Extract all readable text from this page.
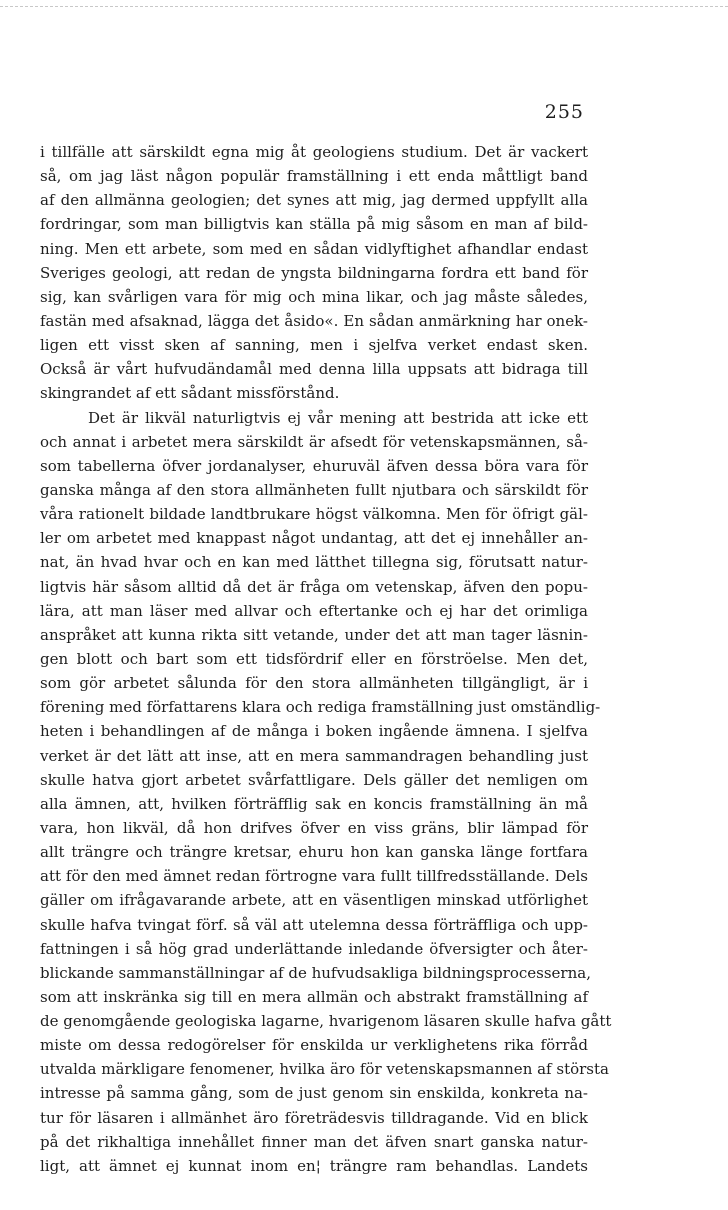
255
i tillfälle att särskildt egna mig åt geologiens studium. Det är vackert
så, om jag läst någon populär framställning i ett enda måttligt band
af den allmänna geologien; det synes att mig, jag dermed uppfyllt alla
fordringar, som man billigtvis kan ställa på mig såsom en man af bild-
ning. Men ett arbete, som med en sådan vidlyftighet afhandlar endast
Sveriges geologi, att redan de yngsta bildningarna fordra ett band för
sig, kan svårligen vara för mig och mina likar, och jag måste således,
fastän med afsaknad, lägga det åsido«. En sådan anmärkning har onek-
ligen ett visst sken af sanning, men i sjelfva verket endast sken.
Också är vårt hufvudändamål med denna lilla uppsats att bidraga till
skingrandet af ett sådant missförstånd.
Det är likväl naturligtvis ej vår mening att bestrida att icke ett
och annat i arbetet mera särskildt är afsedt för vetenskapsmännen, så-
som tabellerna öfver jordanalyser, ehuruväl äfven dessa böra vara för
ganska många af den stora allmänheten fullt njutbara och särskildt för
våra rationelt bildade landtbrukare högst välkomna. Men för öfrigt gäl-
ler om arbetet med knappast något undantag, att det ej innehåller an-
nat, än hvad hvar och en kan med lätthet tillegna sig, förutsatt natur-
ligtvis här såsom alltid då det är fråga om vetenskap, äfven den popu-
lära, att man läser med allvar och eftertanke och ej har det orimliga
anspråket att kunna rikta sitt vetande, under det att man tager läsnin-
gen blott och bart som ett tidsfördrif eller en förströelse. Men det,
som gör arbetet sålunda för den stora allmänheten tillgängligt, är i
förening med författarens klara och rediga framställning just omständlig-
heten i behandlingen af de många i boken ingående ämnena. I sjelfva
verket är det lätt att inse, att en mera sammandragen behandling just
skulle hatva gjort arbetet svårfattligare. Dels gäller det nemligen om
alla ämnen, att, hvilken förträfflig sak en koncis framställning än må
vara, hon likväl, då hon drifves öfver en viss gräns, blir lämpad för
allt trängre och trängre kretsar, ehuru hon kan ganska länge fortfara
att för den med ämnet redan förtrogne vara fullt tillfredsställande. Dels
gäller om ifrågavarande arbete, att en väsentligen minskad utförlighet
skulle hafva tvingat förf. så väl att utelemna dessa förträffliga och upp-
fattningen i så hög grad underlättande inledande öfversigter och åter-
blickande sammanställningar af de hufvudsakliga bildningsprocesserna,
som att inskränka sig till en mera allmän och abstrakt framställning af
de genomgående geologiska lagarne, hvarigenom läsaren skulle hafva gått
miste om dessa redogörelser för enskilda ur verklighetens rika förråd
utvalda märkligare fenomener, hvilka äro för vetenskapsmannen af största
intresse på samma gång, som de just genom sin enskilda, konkreta na-
tur för läsaren i allmänhet äro företrädesvis tilldragande. Vid en blick
på det rikhaltiga innehållet finner man det äfven snart ganska natur-
ligt, att ämnet ej kunnat inom en¦ trängre ram behandlas. Landets
